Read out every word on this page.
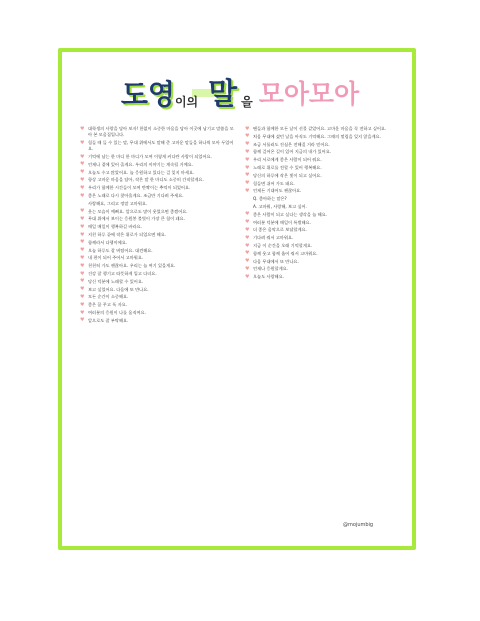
도영 이의 말 을 모아모아
♥ 대학생의 사랑을 담아 보자! 한없이 소중한 마음을 담아 이곳에 남기고 말씀을 모아 본 모음집입니다.
♥ 힘들 때 들 수 있는 말, 무대 위에서도 말해 준 고마운 말들을 하나씩 모아 두었어요.
♥ 기억에 남는 한 마디 한 마디가 모여 이렇게 커다란 사랑이 되었어요.
♥ 언제나 곁에 있어 줄게요. 우리의 이야기는 계속될 거예요.
♥ 오늘도 수고 많았어요. 늘 응원하고 있다는 걸 잊지 마세요.
♥ 항상 고마운 마음을 담아, 작은 말 한 마디도 소중히 간직할게요.
♥ 우리가 함께한 시간들이 모여 반짝이는 추억이 되었어요.
♥ 좋은 노래로 다시 찾아올게요. 조금만 기다려 주세요.
사랑해요, 그리고 정말 고마워요.
♥ 웃는 모습이 예뻐요. 앞으로도 많이 웃었으면 좋겠어요.
♥ 무대 위에서 보이는 응원봉 불빛이 가장 큰 힘이 돼요.
♥ 매일 매일이 행복하길 바라요.
♥ 지친 하루 끝에 작은 위로가 되었으면 해요.
♥ 함께라서 다행이에요.
♥ 오늘 하루도 잘 버텼어요. 대견해요.
♥ 내 편이 되어 주어서 고마워요.
♥ 천천히 가도 괜찮아요. 우리는 늘 여기 있을게요.
♥ 건강 잘 챙기고 따뜻하게 입고 다녀요.
♥ 당신 덕분에 노래할 수 있어요.
♥ 보고 싶었어요. 다음에 또 만나요.
♥ 모든 순간이 소중해요.
♥ 좋은 꿈 꾸고 푹 자요.
♥ 여러분의 응원이 나를 움직여요.
♥ 앞으로도 잘 부탁해요.
♥ 팬들과 함께한 모든 날이 선물 같았어요. 고마운 마음을 꼭 전하고 싶어요.
♥ 처음 무대에 섰던 날을 아직도 기억해요. 그때의 떨림을 잊지 않을게요.
♥ 조금 서툴러도 진심은 전해질 거라 믿어요.
♥ 함께 걸어온 길이 있어 지금의 내가 있어요.
♥ 우리 서로에게 좋은 사람이 되어 줘요.
♥ 노래로 위로를 전할 수 있어 행복해요.
♥ 당신의 하루에 작은 빛이 되고 싶어요.
♥ 힘들면 쉬어 가도 돼요.
♥ 언제든 기대어도 괜찮아요.
Q. 좋아하는 말은?
A. 고마워, 사랑해, 보고 싶어.
♥ 좋은 사람이 되고 싶다는 생각을 늘 해요.
♥ 여러분 덕분에 매일이 특별해요.
♥ 더 좋은 음악으로 보답할게요.
♥ 기다려 줘서 고마워요.
♥ 지금 이 순간을 오래 기억할게요.
♥ 함께 웃고 함께 울어 줘서 고마워요.
♥ 다음 무대에서 또 만나요.
♥ 언제나 응원할게요.
♥ 오늘도 사랑해요.
@mojumbig
